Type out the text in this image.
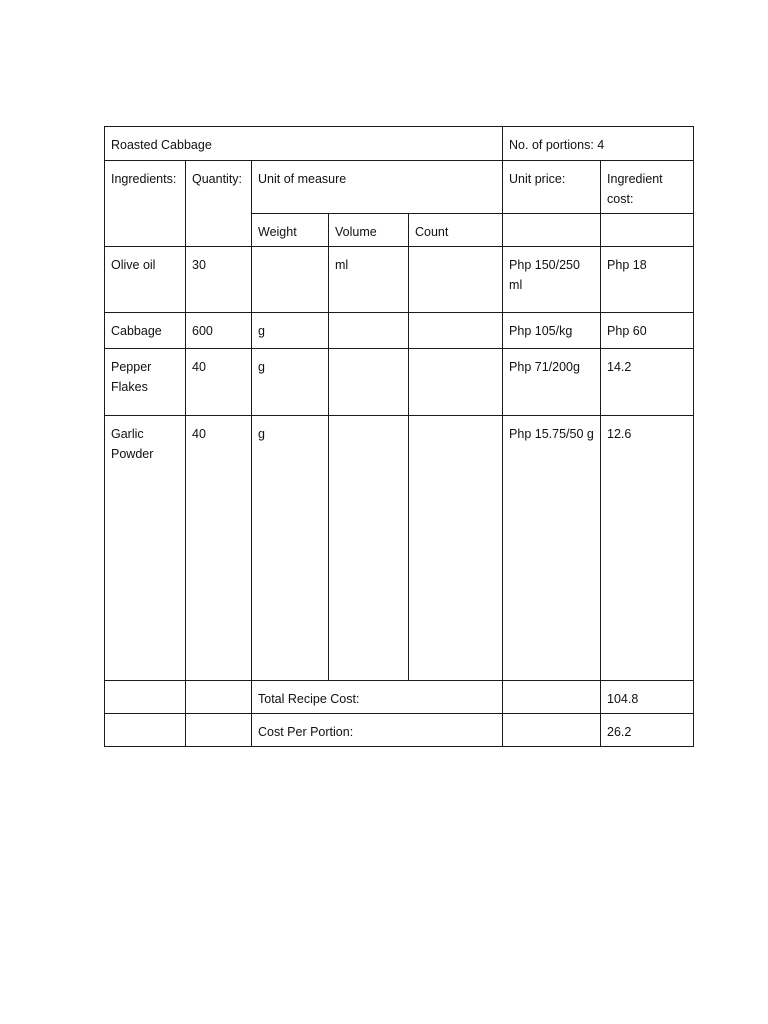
Roasted Cabbage					No. of portions: 4	
Ingredients:	Quantity:	Unit of measure			Unit price:	Ingredient cost:
		Weight	Volume	Count		
Olive oil	30		ml		Php 150/250 ml	Php 18
Cabbage	600	g			Php 105/kg	Php 60
Pepper Flakes	40	g			Php 71/200g	14.2
Garlic Powder	40	g			Php 15.75/50 g	12.6
		Total Recipe Cost:				104.8
		Cost Per Portion:				26.2
